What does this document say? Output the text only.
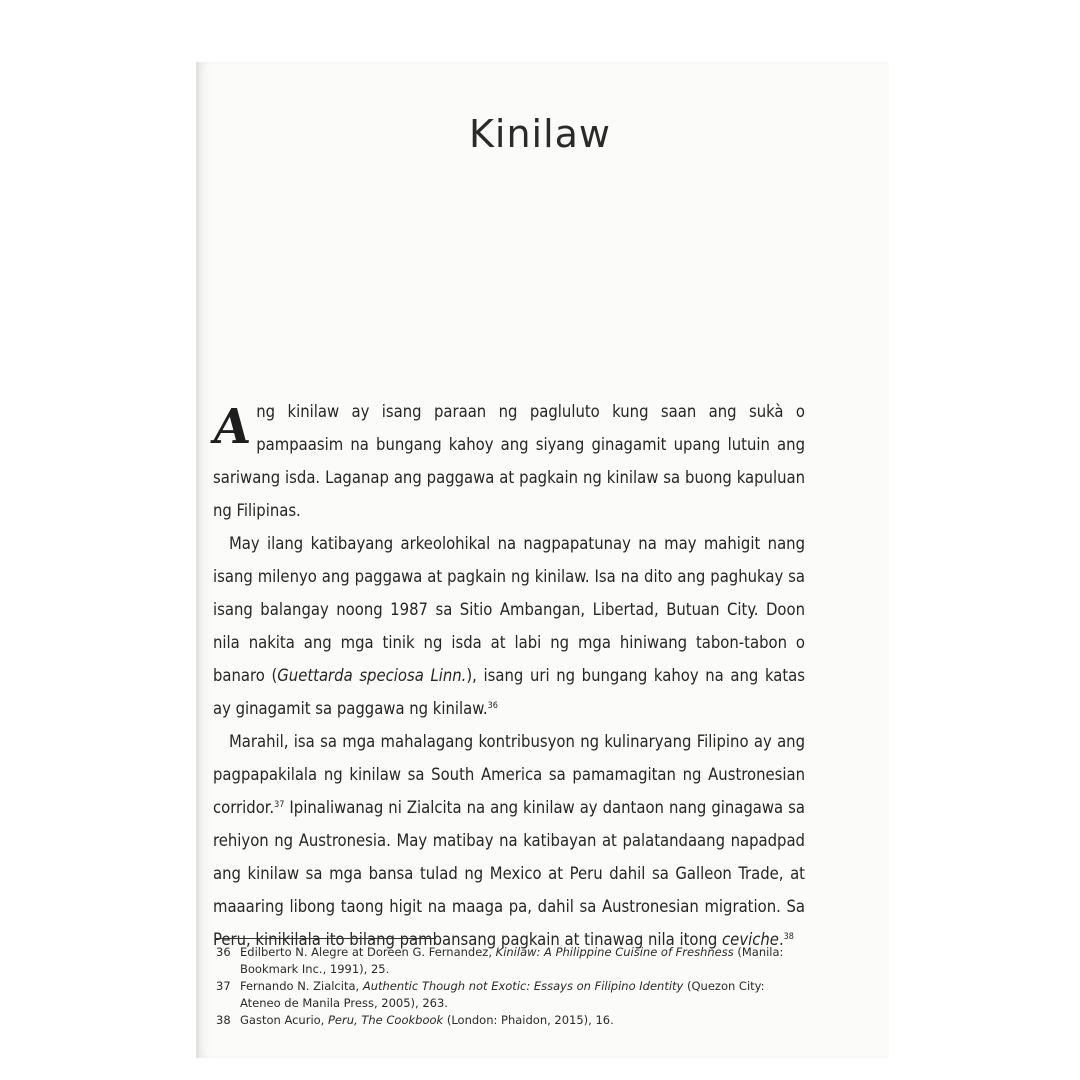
Kinilaw

Ang kinilaw ay isang paraan ng pagluluto kung saan ang sukà o pampaasim na bungang kahoy ang siyang ginagamit upang lutuin ang sariwang isda. Laganap ang paggawa at pagkain ng kinilaw sa buong kapuluan ng Filipinas.

May ilang katibayang arkeolohikal na nagpapatunay na may mahigit nang isang milenyo ang paggawa at pagkain ng kinilaw. Isa na dito ang paghukay sa isang balangay noong 1987 sa Sitio Ambangan, Libertad, Butuan City. Doon nila nakita ang mga tinik ng isda at labi ng mga hiniwang tabon-tabon o banaro (Guettarda speciosa Linn.), isang uri ng bungang kahoy na ang katas ay ginagamit sa paggawa ng kinilaw.$^{36}$

Marahil, isa sa mga mahalagang kontribusyon ng kulinaryang Filipino ay ang pagpapakilala ng kinilaw sa South America sa pamamagitan ng Austronesian corridor.$^{37}$ Ipinaliwanag ni Zialcita na ang kinilaw ay dantaon nang ginagawa sa rehiyon ng Austronesia. May matibay na katibayan at palatandaang napadpad ang kinilaw sa mga bansa tulad ng Mexico at Peru dahil sa Galleon Trade, at maaaring libong taong higit na maaga pa, dahil sa Austronesian migration. Sa Peru, kinikilala ito bilang pambansang pagkain at tinawag nila itong ceviche.$^{38}$

36 Edilberto N. Alegre at Doreen G. Fernandez, Kinilaw: A Philippine Cuisine of Freshness (Manila: Bookmark Inc., 1991), 25.
37 Fernando N. Zialcita, Authentic Though not Exotic: Essays on Filipino Identity (Quezon City: Ateneo de Manila Press, 2005), 263.
38 Gaston Acurio, Peru, The Cookbook (London: Phaidon, 2015), 16.
